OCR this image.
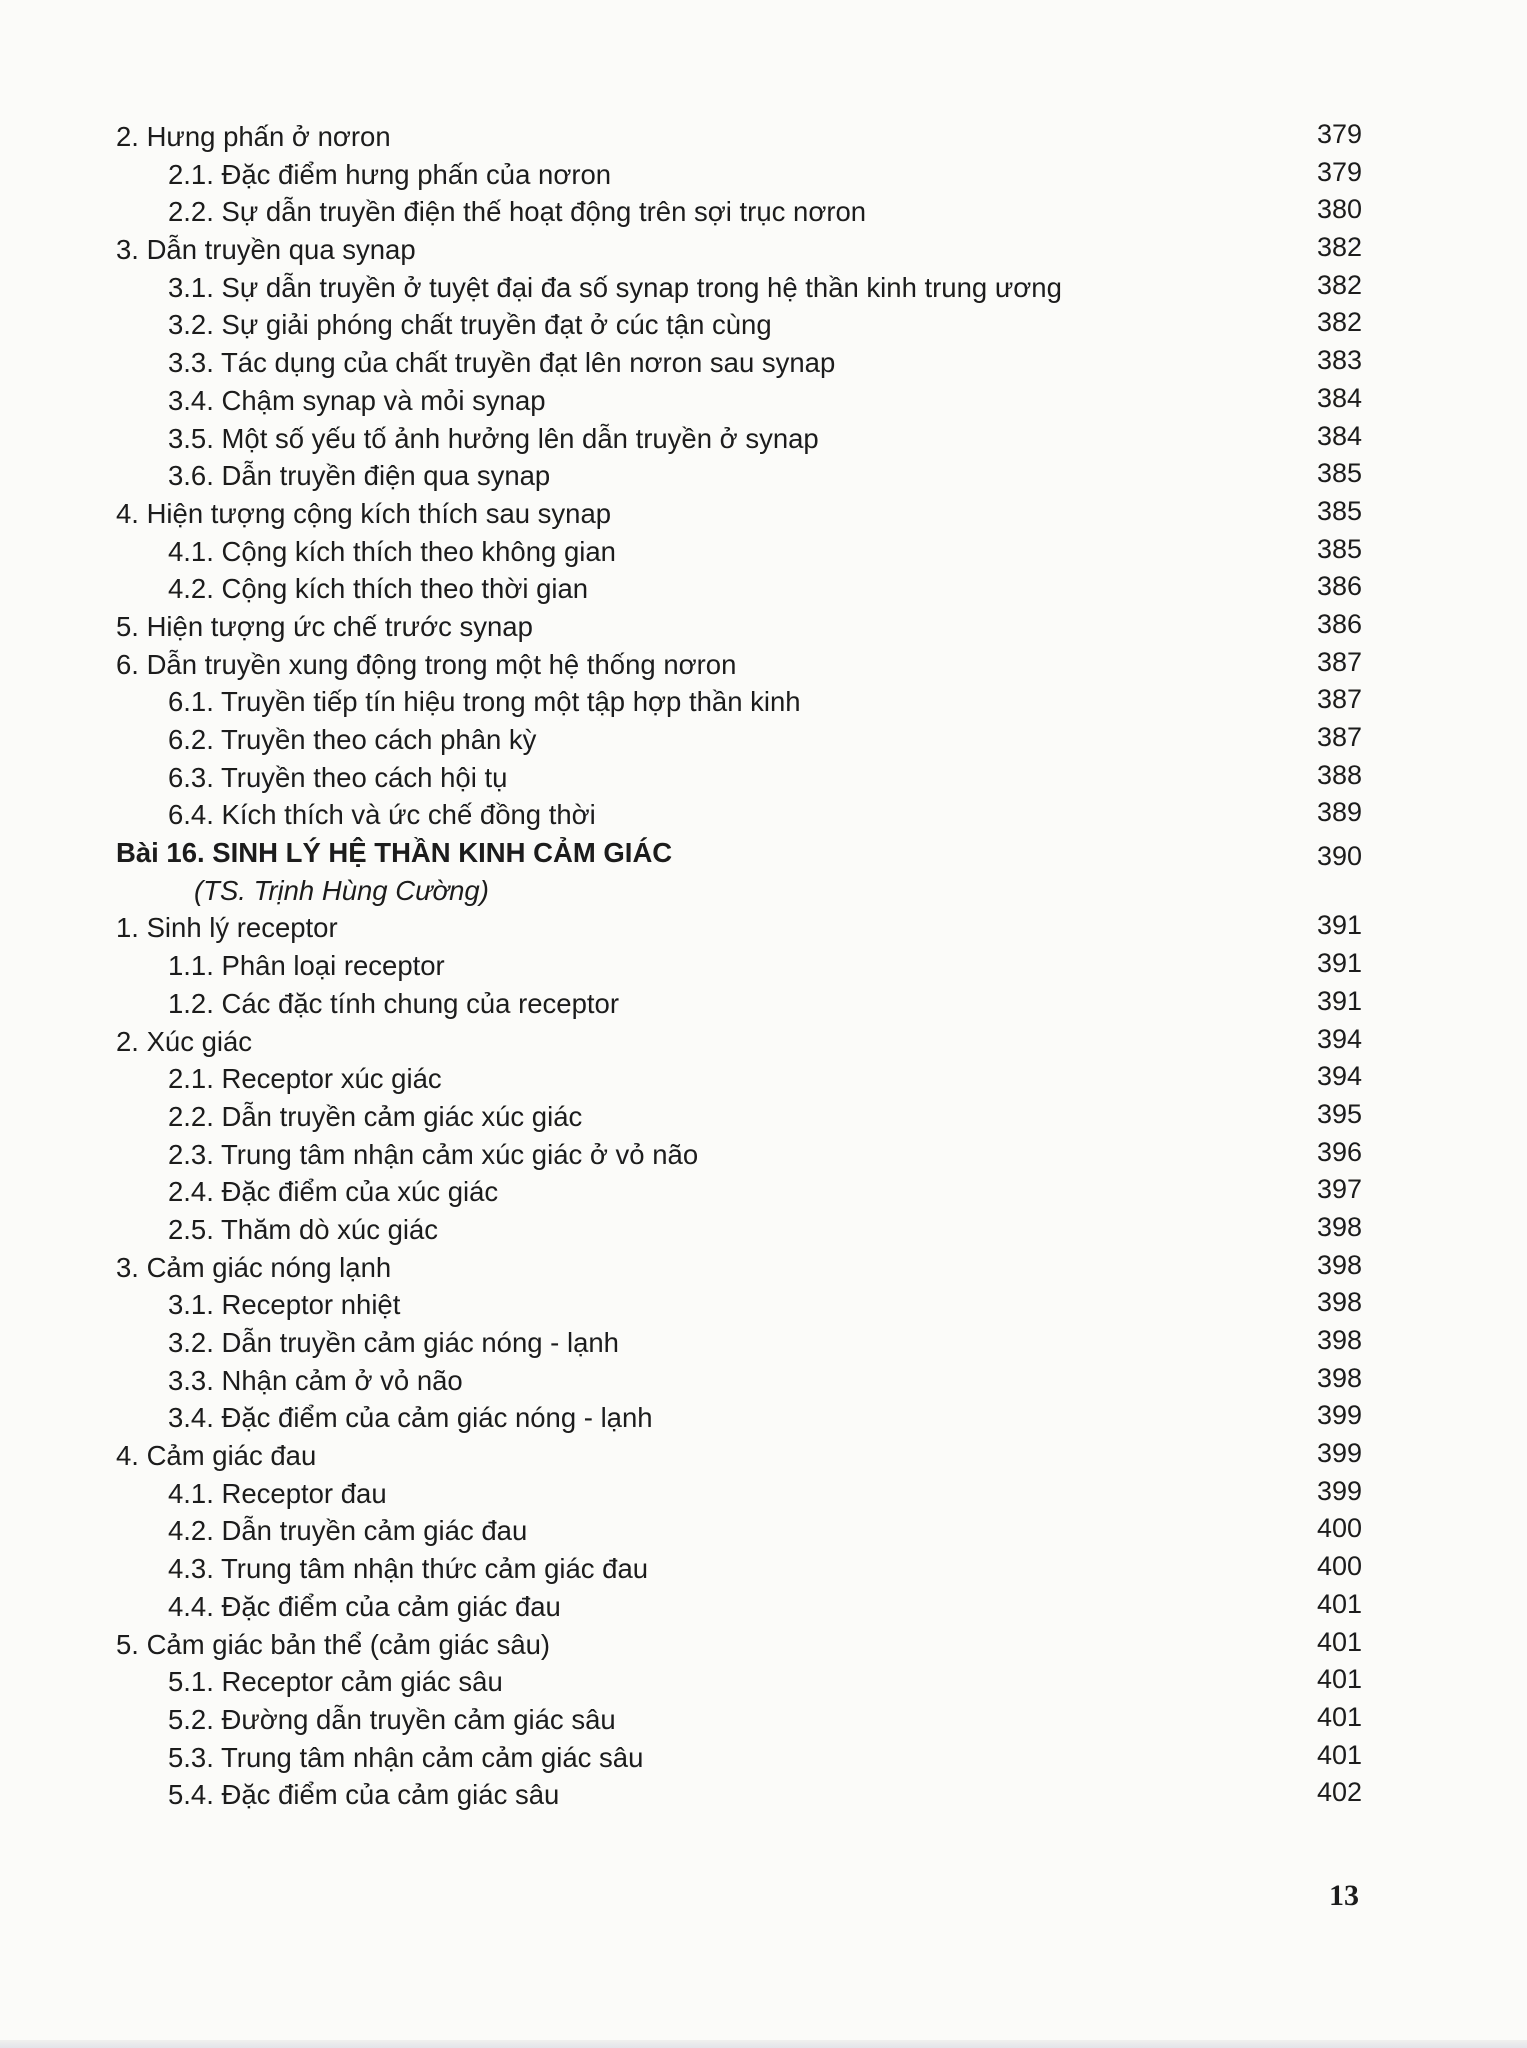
2. Hưng phấn ở nơron	379
2.1. Đặc điểm hưng phấn của nơron	379
2.2. Sự dẫn truyền điện thế hoạt động trên sợi trục nơron	380
3. Dẫn truyền qua synap	382
3.1. Sự dẫn truyền ở tuyệt đại đa số synap trong hệ thần kinh trung ương	382
3.2. Sự giải phóng chất truyền đạt ở cúc tận cùng	382
3.3. Tác dụng của chất truyền đạt lên nơron sau synap	383
3.4. Chậm synap và mỏi synap	384
3.5. Một số yếu tố ảnh hưởng lên dẫn truyền ở synap	384
3.6. Dẫn truyền điện qua synap	385
4. Hiện tượng cộng kích thích sau synap	385
4.1. Cộng kích thích theo không gian	385
4.2. Cộng kích thích theo thời gian	386
5. Hiện tượng ức chế trước synap	386
6. Dẫn truyền xung động trong một hệ thống nơron	387
6.1. Truyền tiếp tín hiệu trong một tập hợp thần kinh	387
6.2. Truyền theo cách phân kỳ	387
6.3. Truyền theo cách hội tụ	388
6.4. Kích thích và ức chế đồng thời	389
Bài 16. SINH LÝ HỆ THẦN KINH CẢM GIÁC	390
(TS. Trịnh Hùng Cường)
1. Sinh lý receptor	391
1.1. Phân loại receptor	391
1.2. Các đặc tính chung của receptor	391
2. Xúc giác	394
2.1. Receptor xúc giác	394
2.2. Dẫn truyền cảm giác xúc giác	395
2.3. Trung tâm nhận cảm xúc giác ở vỏ não	396
2.4. Đặc điểm của xúc giác	397
2.5. Thăm dò xúc giác	398
3. Cảm giác nóng lạnh	398
3.1. Receptor nhiệt	398
3.2. Dẫn truyền cảm giác nóng - lạnh	398
3.3. Nhận cảm ở vỏ não	398
3.4. Đặc điểm của cảm giác nóng - lạnh	399
4. Cảm giác đau	399
4.1. Receptor đau	399
4.2. Dẫn truyền cảm giác đau	400
4.3. Trung tâm nhận thức cảm giác đau	400
4.4. Đặc điểm của cảm giác đau	401
5. Cảm giác bản thể (cảm giác sâu)	401
5.1. Receptor cảm giác sâu	401
5.2. Đường dẫn truyền cảm giác sâu	401
5.3. Trung tâm nhận cảm cảm giác sâu	401
5.4. Đặc điểm của cảm giác sâu	402
13
